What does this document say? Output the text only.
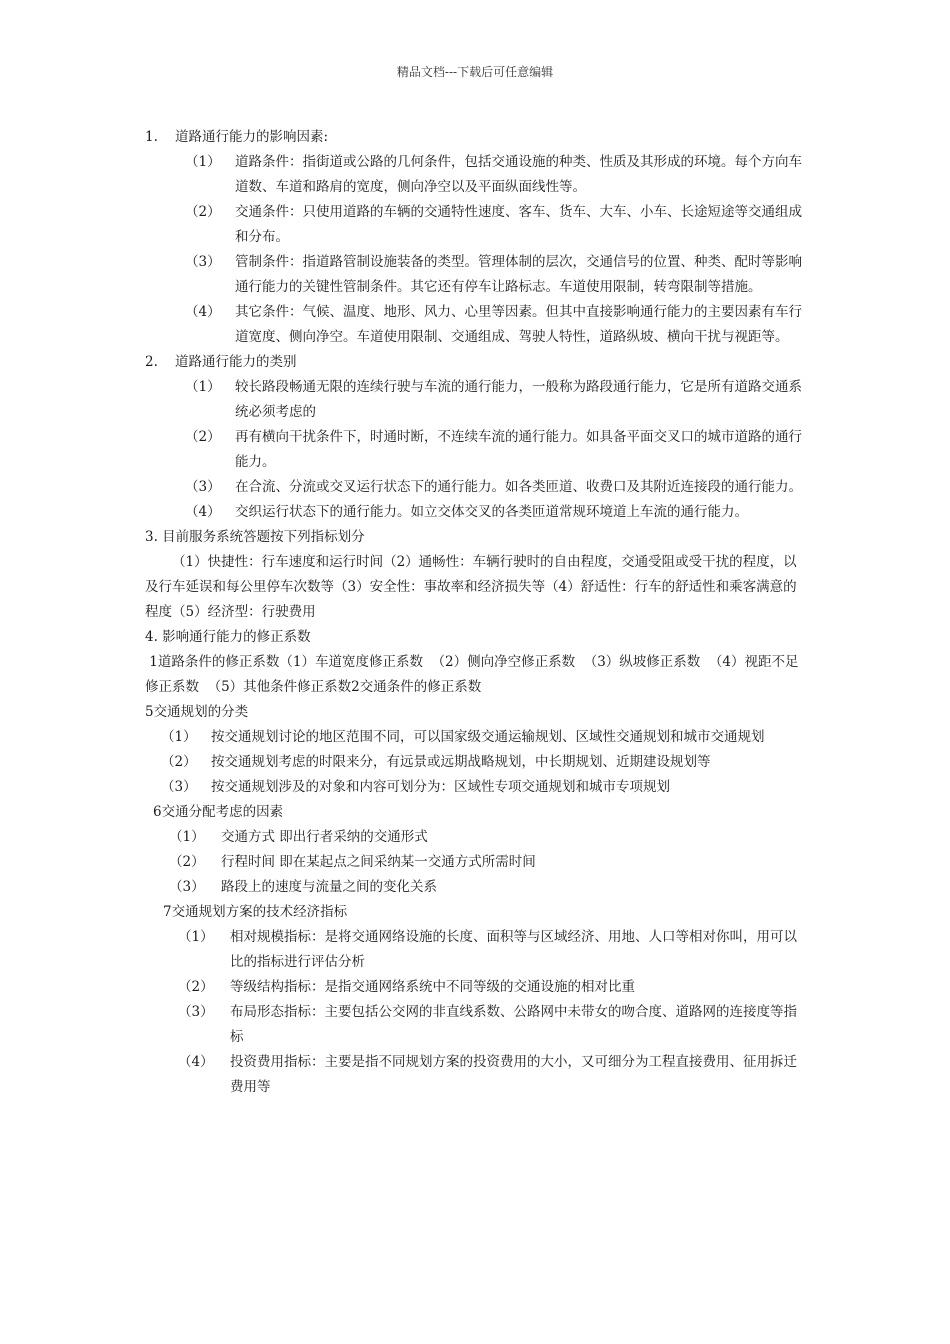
精品文档---下载后可任意编辑
1.    道路通行能力的影响因素:
（1） 道路条件：指街道或公路的几何条件，包括交通设施的种类、性质及其形成的环境。每个方向车道数、车道和路肩的宽度，侧向净空以及平面纵面线性等。
（2） 交通条件：只使用道路的车辆的交通特性速度、客车、货车、大车、小车、长途短途等交通组成和分布。
（3） 管制条件：指道路管制设施装备的类型。管理体制的层次，交通信号的位置、种类、配时等影响通行能力的关键性管制条件。其它还有停车让路标志。车道使用限制，转弯限制等措施。
（4） 其它条件：气候、温度、地形、风力、心里等因素。但其中直接影响通行能力的主要因素有车行道宽度、侧向净空。车道使用限制、交通组成、驾驶人特性，道路纵坡、横向干扰与视距等。
2.    道路通行能力的类别
（1） 较长路段畅通无限的连续行驶与车流的通行能力，一般称为路段通行能力，它是所有道路交通系统必须考虑的
（2） 再有横向干扰条件下，时通时断，不连续车流的通行能力。如具备平面交叉口的城市道路的通行能力。
（3） 在合流、分流或交叉运行状态下的通行能力。如各类匝道、收费口及其附近连接段的通行能力。
（4） 交织运行状态下的通行能力。如立交体交叉的各类匝道常规环境道上车流的通行能力。
3. 目前服务系统答题按下列指标划分
（1）快捷性：行车速度和运行时间（2）通畅性：车辆行驶时的自由程度，交通受阻或受干扰的程度，以及行车延误和每公里停车次数等（3）安全性：事故率和经济损失等（4）舒适性：行车的舒适性和乘客满意的程度（5）经济型：行驶费用
4. 影响通行能力的修正系数
1道路条件的修正系数（1）车道宽度修正系数  （2）侧向净空修正系数  （3）纵坡修正系数  （4）视距不足修正系数  （5）其他条件修正系数2交通条件的修正系数
5交通规划的分类
（1） 按交通规划讨论的地区范围不同，可以国家级交通运输规划、区域性交通规划和城市交通规划
（2） 按交通规划考虑的时限来分，有远景或远期战略规划，中长期规划、近期建设规划等
（3） 按交通规划涉及的对象和内容可划分为：区域性专项交通规划和城市专项规划
6交通分配考虑的因素
（1） 交通方式 即出行者采纳的交通形式
（2） 行程时间 即在某起点之间采纳某一交通方式所需时间
（3） 路段上的速度与流量之间的变化关系
7交通规划方案的技术经济指标
（1） 相对规模指标：是将交通网络设施的长度、面积等与区域经济、用地、人口等相对你叫，用可以比的指标进行评估分析
（2） 等级结构指标：是指交通网络系统中不同等级的交通设施的相对比重
（3） 布局形态指标：主要包括公交网的非直线系数、公路网中未带女的吻合度、道路网的连接度等指标
（4） 投资费用指标：主要是指不同规划方案的投资费用的大小，又可细分为工程直接费用、征用拆迁费用等
